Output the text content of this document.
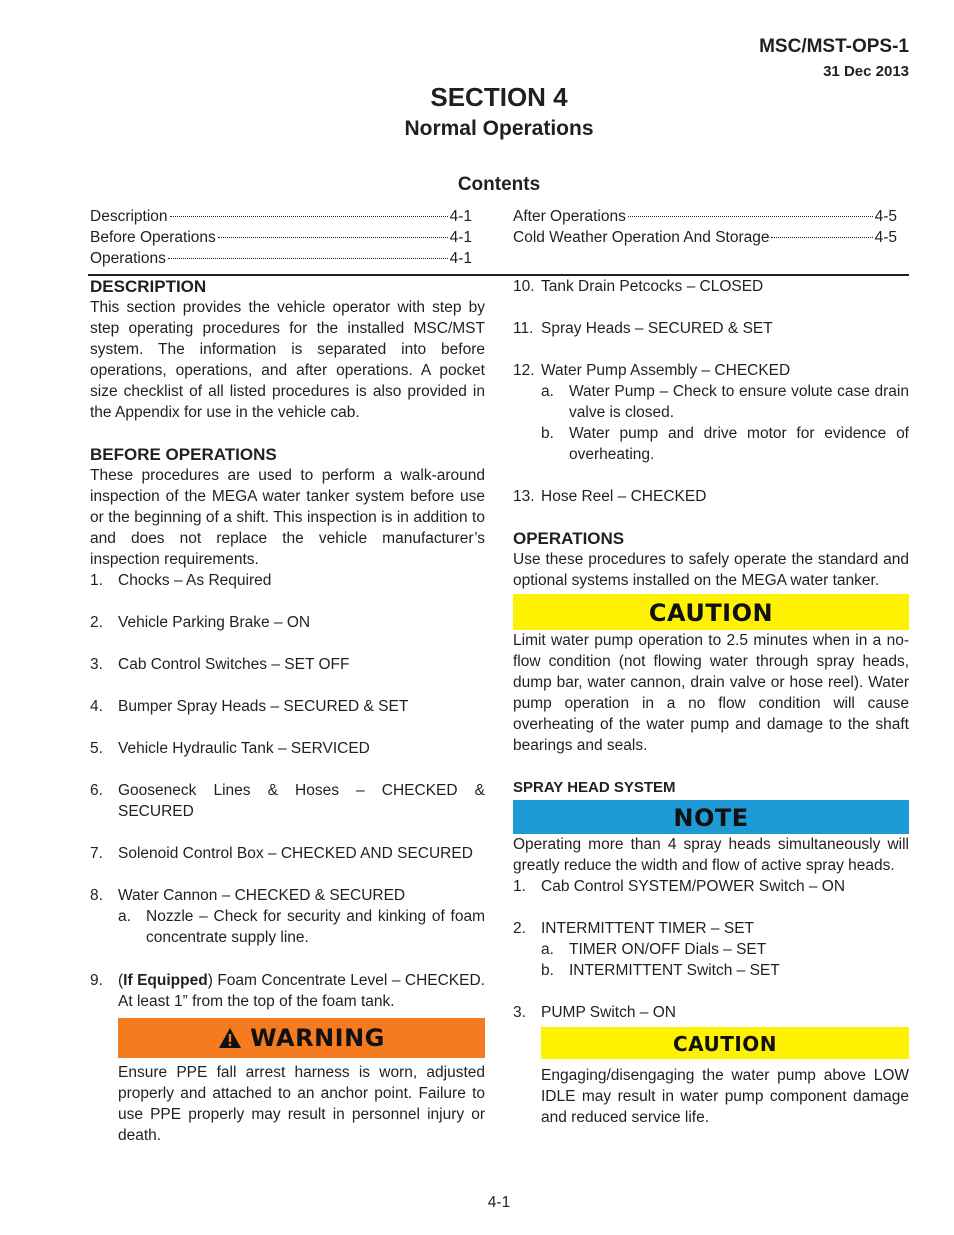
MSC/MST-OPS-1
31 Dec 2013
SECTION 4
Normal Operations
Contents
Description	4-1
Before Operations	4-1
Operations	4-1
After Operations	4-5
Cold Weather Operation And Storage	4-5
DESCRIPTION

This section provides the vehicle operator with step by step operating procedures for the installed MSC/MST system. The information is separated into before operations, operations, and after operations. A pocket size checklist of all listed procedures is also provided in the Appendix for use in the vehicle cab.

BEFORE OPERATIONS

These procedures are used to perform a walk-around inspection of the MEGA water tanker system before use or the beginning of a shift. This inspection is in addition to and does not replace the vehicle manufacturer’s inspection requirements.

1. Chocks – As Required
2. Vehicle Parking Brake – ON
3. Cab Control Switches – SET OFF
4. Bumper Spray Heads – SECURED & SET
5. Vehicle Hydraulic Tank – SERVICED
6. Gooseneck Lines & Hoses – CHECKED & SECURED
7. Solenoid Control Box – CHECKED AND SECURED
8. Water Cannon – CHECKED & SECURED
a. Nozzle – Check for security and kinking of foam concentrate supply line.
9. (If Equipped) Foam Concentrate Level – CHECKED. At least 1” from the top of the foam tank.
WARNING

Ensure PPE fall arrest harness is worn, adjusted properly and attached to an anchor point. Failure to use PPE properly may result in personnel injury or death.

10. Tank Drain Petcocks – CLOSED
11. Spray Heads – SECURED & SET
12. Water Pump Assembly – CHECKED
a. Water Pump – Check to ensure volute case drain valve is closed.
b. Water pump and drive motor for evidence of overheating.
13. Hose Reel – CHECKED
OPERATIONS

Use these procedures to safely operate the standard and optional systems installed on the MEGA water tanker.

CAUTION

Limit water pump operation to 2.5 minutes when in a no-flow condition (not flowing water through spray heads, dump bar, water cannon, drain valve or hose reel). Water pump operation in a no flow condition will cause overheating of the water pump and damage to the shaft bearings and seals.

SPRAY HEAD SYSTEM
NOTE

Operating more than 4 spray heads simultaneously will greatly reduce the width and flow of active spray heads.

1. Cab Control SYSTEM/POWER Switch – ON
2. INTERMITTENT TIMER – SET
a. TIMER ON/OFF Dials – SET
b. INTERMITTENT Switch – SET
3. PUMP Switch – ON
CAUTION

Engaging/disengaging the water pump above LOW IDLE may result in water pump component damage and reduced service life.

4-1
